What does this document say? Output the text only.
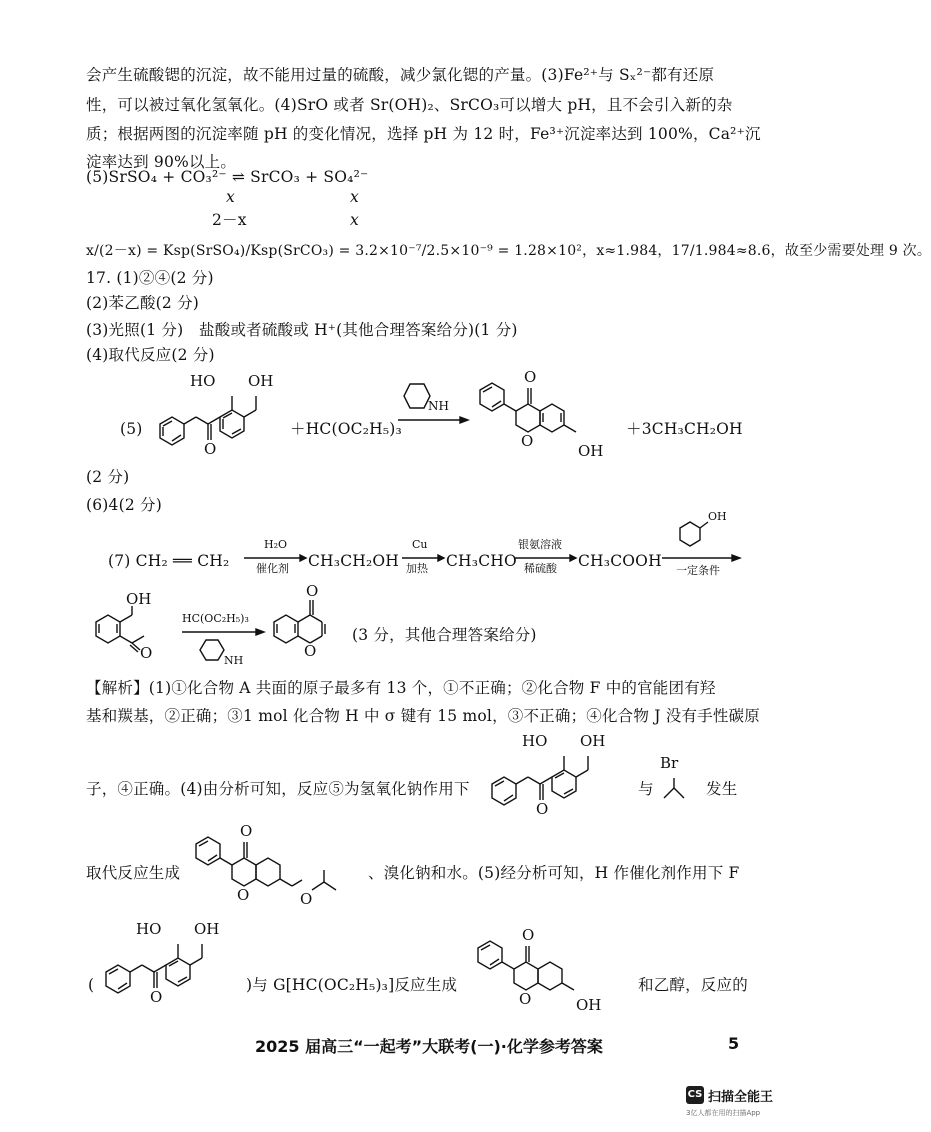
会产生硫酸锶的沉淀，故不能用过量的硫酸，减少氯化锶的产量。(3)Fe²⁺与 Sₓ²⁻都有还原
性，可以被过氧化氢氧化。(4)SrO 或者 Sr(OH)₂、SrCO₃可以增大 pH，且不会引入新的杂
质；根据两图的沉淀率随 pH 的变化情况，选择 pH 为 12 时，Fe³⁺沉淀率达到 100%，Ca²⁺沉
淀率达到 90%以上。
(5)SrSO₄ + CO₃²⁻ ⇌ SrCO₃ + SO₄²⁻
x	x
2－x	x
x/(2－x) = Ksp(SrSO₄)/Ksp(SrCO₃) = 3.2×10⁻⁷/2.5×10⁻⁹ = 1.28×10²，x≈1.984，17/1.984≈8.6，故至少需要处理 9 次。
17. (1)②④(2 分)
(2)苯乙酸(2 分)
(3)光照(1 分)　盐酸或者硫酸或 H⁺(其他合理答案给分)(1 分)
(4)取代反应(2 分)
(5)
O
HO OH
＋HC(OC₂H₅)₃
NH
O
O
OH
＋3CH₃CH₂OH
(2 分)
(6)4(2 分)
(7) CH₂ ══ CH₂
H₂O
催化剂 CH₃CH₂OH
Cu
加热 CH₃CHO
银氨溶液
稀硫酸 CH₃COOH
OH
一定条件
OH
O
HC(OC₂H₅)₃
NH
O
O
(3 分，其他合理答案给分)
【解析】(1)①化合物 A 共面的原子最多有 13 个，①不正确；②化合物 F 中的官能团有羟
基和羰基，②正确；③1 mol 化合物 H 中 σ 键有 15 mol，③不正确；④化合物 J 没有手性碳原
子，④正确。(4)由分析可知，反应⑤为氢氧化钠作用下
O
HO OH
与
Br
发生
取代反应生成
O
O	O
、溴化钠和水。(5)经分析可知，H 作催化剂作用下 F
(
O
HO OH
)与 G[HC(OC₂H₅)₃]反应生成
O
O	OH
和乙醇，反应的
2025 届高三“一起考”大联考(一)·化学参考答案	5
CS 扫描全能王
3亿人都在用的扫描App
